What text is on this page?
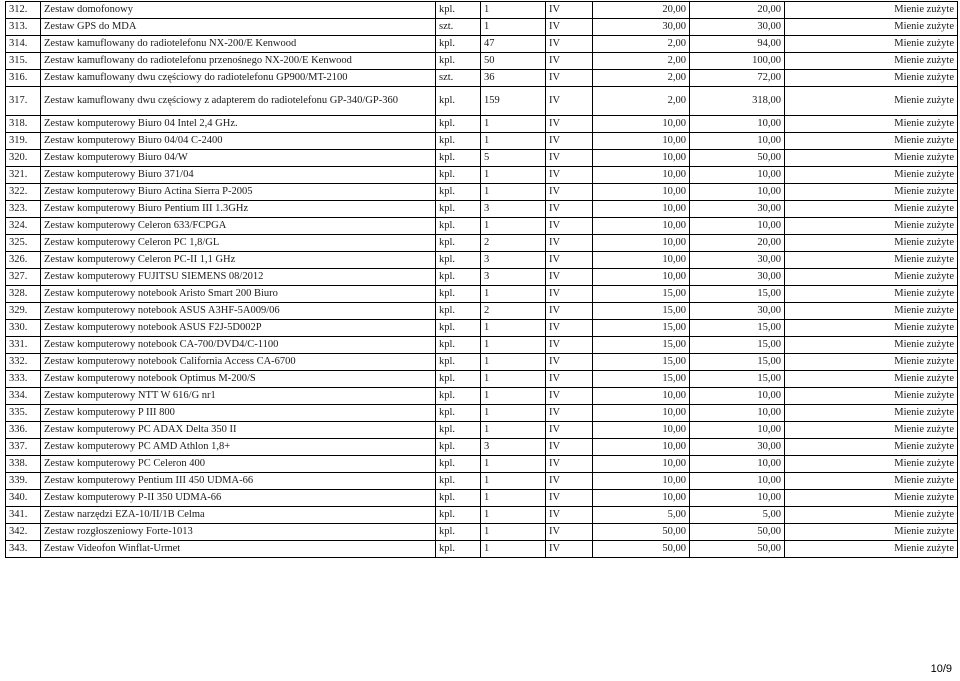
312.	Zestaw domofonowy	kpl.	1	IV	20,00	20,00	Mienie zużyte
313.	Zestaw GPS do MDA	szt.	1	IV	30,00	30,00	Mienie zużyte
314.	Zestaw kamuflowany do radiotelefonu NX-200/E Kenwood	kpl.	47	IV	2,00	94,00	Mienie zużyte
315.	Zestaw kamuflowany do radiotelefonu przenośnego NX-200/E Kenwood	kpl.	50	IV	2,00	100,00	Mienie zużyte
316.	Zestaw kamuflowany dwu częściowy do radiotelefonu GP900/MT-2100	szt.	36	IV	2,00	72,00	Mienie zużyte
317.	Zestaw kamuflowany dwu częściowy z adapterem do radiotelefonu GP-340/GP-360	kpl.	159	IV	2,00	318,00	Mienie zużyte
318.	Zestaw komputerowy Biuro 04 Intel 2,4 GHz.	kpl.	1	IV	10,00	10,00	Mienie zużyte
319.	Zestaw komputerowy Biuro 04/04 C-2400	kpl.	1	IV	10,00	10,00	Mienie zużyte
320.	Zestaw komputerowy Biuro 04/W	kpl.	5	IV	10,00	50,00	Mienie zużyte
321.	Zestaw komputerowy Biuro 371/04	kpl.	1	IV	10,00	10,00	Mienie zużyte
322.	Zestaw komputerowy Biuro Actina Sierra P-2005	kpl.	1	IV	10,00	10,00	Mienie zużyte
323.	Zestaw komputerowy Biuro Pentium III 1.3GHz	kpl.	3	IV	10,00	30,00	Mienie zużyte
324.	Zestaw komputerowy Celeron 633/FCPGA	kpl.	1	IV	10,00	10,00	Mienie zużyte
325.	Zestaw komputerowy Celeron PC 1,8/GL	kpl.	2	IV	10,00	20,00	Mienie zużyte
326.	Zestaw komputerowy Celeron PC-II 1,1 GHz	kpl.	3	IV	10,00	30,00	Mienie zużyte
327.	Zestaw komputerowy FUJITSU SIEMENS 08/2012	kpl.	3	IV	10,00	30,00	Mienie zużyte
328.	Zestaw komputerowy notebook Aristo Smart 200 Biuro	kpl.	1	IV	15,00	15,00	Mienie zużyte
329.	Zestaw komputerowy notebook ASUS A3HF-5A009/06	kpl.	2	IV	15,00	30,00	Mienie zużyte
330.	Zestaw komputerowy notebook ASUS F2J-5D002P	kpl.	1	IV	15,00	15,00	Mienie zużyte
331.	Zestaw komputerowy notebook CA-700/DVD4/C-1100	kpl.	1	IV	15,00	15,00	Mienie zużyte
332.	Zestaw komputerowy notebook California Access CA-6700	kpl.	1	IV	15,00	15,00	Mienie zużyte
333.	Zestaw komputerowy notebook Optimus M-200/S	kpl.	1	IV	15,00	15,00	Mienie zużyte
334.	Zestaw komputerowy NTT W 616/G nr1	kpl.	1	IV	10,00	10,00	Mienie zużyte
335.	Zestaw komputerowy P III 800	kpl.	1	IV	10,00	10,00	Mienie zużyte
336.	Zestaw komputerowy PC ADAX Delta 350 II	kpl.	1	IV	10,00	10,00	Mienie zużyte
337.	Zestaw komputerowy PC AMD Athlon 1,8+	kpl.	3	IV	10,00	30,00	Mienie zużyte
338.	Zestaw komputerowy PC Celeron 400	kpl.	1	IV	10,00	10,00	Mienie zużyte
339.	Zestaw komputerowy Pentium III 450 UDMA-66	kpl.	1	IV	10,00	10,00	Mienie zużyte
340.	Zestaw komputerowy P-II 350 UDMA-66	kpl.	1	IV	10,00	10,00	Mienie zużyte
341.	Zestaw narzędzi EZA-10/II/1B Celma	kpl.	1	IV	5,00	5,00	Mienie zużyte
342.	Zestaw rozgłoszeniowy Forte-1013	kpl.	1	IV	50,00	50,00	Mienie zużyte
343.	Zestaw Videofon Winflat-Urmet	kpl.	1	IV	50,00	50,00	Mienie zużyte
10/9
